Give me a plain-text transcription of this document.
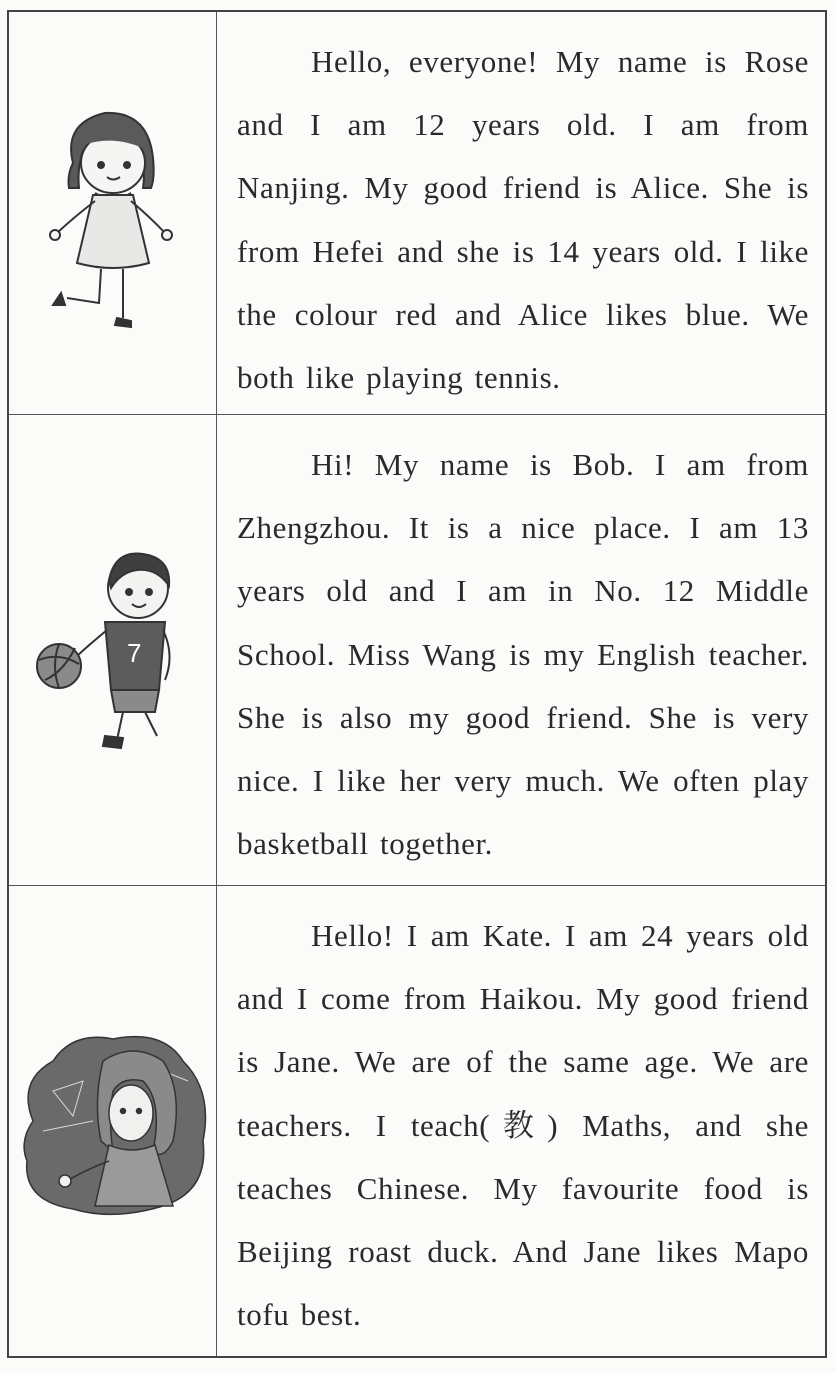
Hello, everyone! My name is Rose and I am 12 years old. I am from Nanjing. My good friend is Alice. She is from Hefei and she is 14 years old. I like the colour red and Alice likes blue. We both like playing tennis.

7

Hi! My name is Bob. I am from Zhengzhou. It is a nice place. I am 13 years old and I am in No. 12 Middle School. Miss Wang is my English teacher. She is also my good friend. She is very nice. I like her very much. We often play basketball together.

Hello! I am Kate. I am 24 years old and I come from Haikou. My good friend is Jane. We are of the same age. We are teachers. I teach(教) Maths, and she teaches Chinese. My favourite food is Beijing roast duck. And Jane likes Mapo tofu best.
